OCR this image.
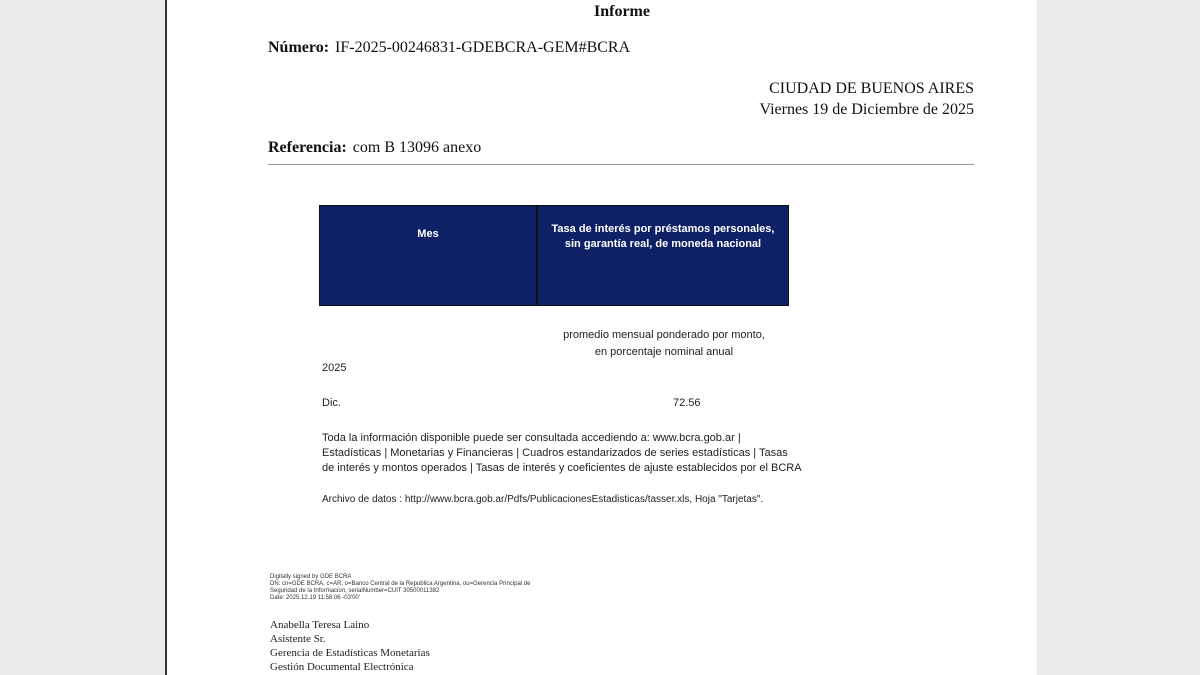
Informe
Número: IF-2025-00246831-GDEBCRA-GEM#BCRA
CIUDAD DE BUENOS AIRES
Viernes 19 de Diciembre de 2025
Referencia: com B 13096 anexo
Mes	Tasa de interés por préstamos personales,
sin garantía real, de moneda nacional
promedio mensual ponderado por monto,
en porcentaje nominal anual
2025
Dic.	72.56
Toda la información disponible puede ser consultada accediendo a: www.bcra.gob.ar | Estadísticas | Monetarias y Financieras | Cuadros estandarizados de series estadísticas | Tasas de interés y montos operados | Tasas de interés y coeficientes de ajuste establecidos por el BCRA
Archivo de datos : http://www.bcra.gob.ar/Pdfs/PublicacionesEstadisticas/tasser.xls, Hoja "Tarjetas".
Digitally signed by GDE BCRA
DN: cn=GDE BCRA, c=AR, o=Banco Central de la Republica Argentina, ou=Gerencia Principal de
Seguridad de la Informacion, serialNumber=CUIT 30500011382
Date: 2025.12.19 11:58:06 -03'00'
Anabella Teresa Laino
Asistente Sr.
Gerencia de Estadísticas Monetarias
Gestión Documental Electrónica
